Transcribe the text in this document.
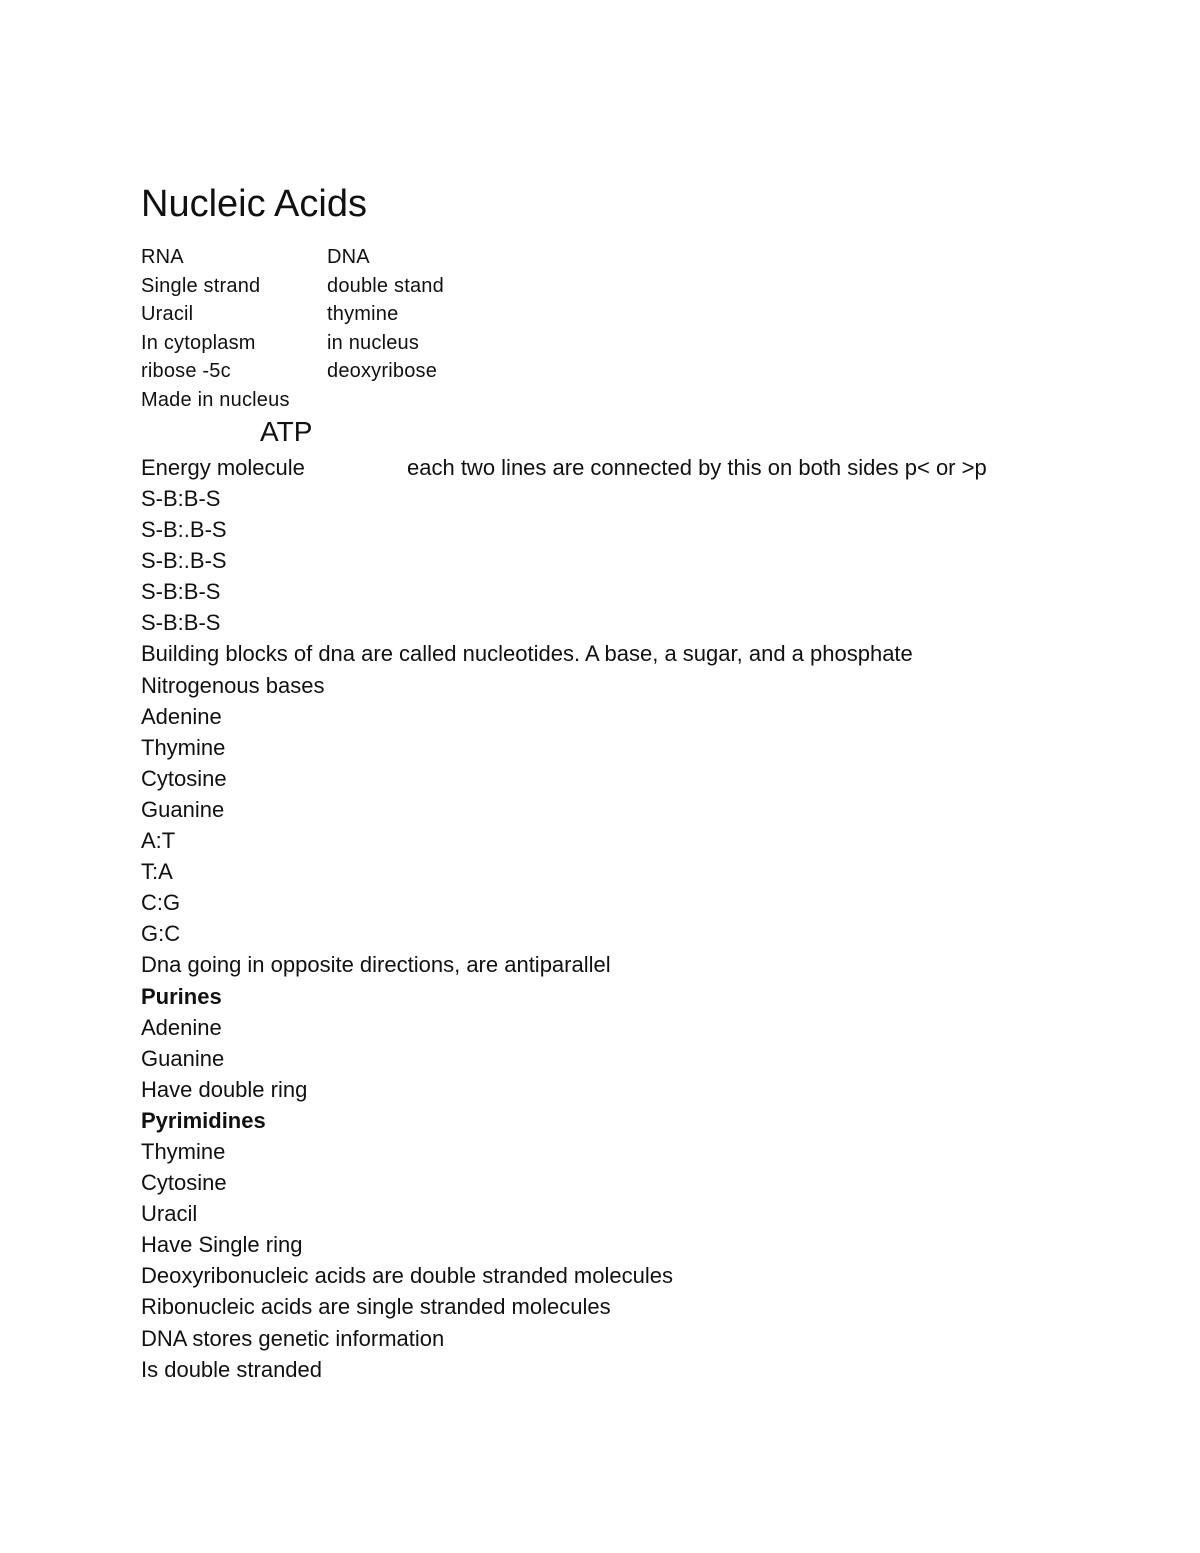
Nucleic Acids
RNA	DNA
Single strand	double stand
Uracil	thymine
In cytoplasm	in nucleus
ribose -5c	deoxyribose
Made in nucleus
ATP
Energy molecule	each two lines are connected by this on both sides p< or >p
S-B:B-S
S-B:.B-S
S-B:.B-S
S-B:B-S
S-B:B-S
Building blocks of dna are called nucleotides. A base, a sugar, and a phosphate
Nitrogenous bases
Adenine
Thymine
Cytosine
Guanine
A:T
T:A
C:G
G:C
Dna going in opposite directions, are antiparallel
Purines
Adenine
Guanine
Have double ring
Pyrimidines
Thymine
Cytosine
Uracil
Have Single ring
Deoxyribonucleic acids are double stranded molecules
Ribonucleic acids are single stranded molecules
DNA stores genetic information
Is double stranded
